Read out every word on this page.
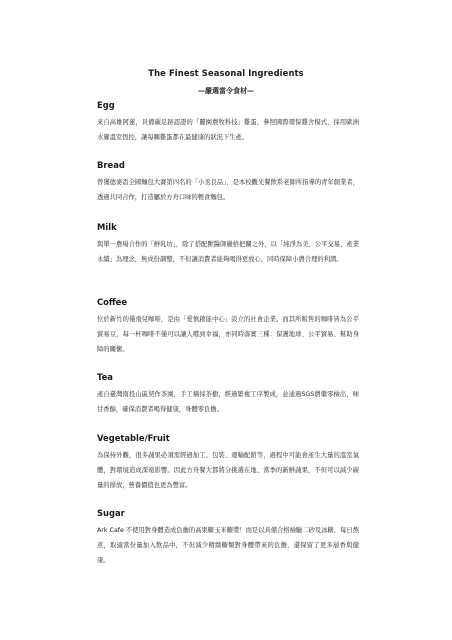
The Finest Seasonal Ingredients
—嚴選當令食材—
Egg

來自高雄阿蓮，具備碳足跡認證的「麗園農牧科技」雞蛋，參照國際環保雞舍模式，採用歐洲水簾溫室恆控，讓每顆雞蛋都在最健康的狀況下生產。

Bread

曾獲德麥盃全國麵包大賽第四名的「小丞良品」，是本校觀光餐飲系老師所指導的青年創業者，透過共同合作，打造屬於方舟口味的輕食麵包。

Milk

與單一農場合作的「鮮乳坊」，除了搭配獸醫師嚴格把關之外，以「純淨為美、公平交易、產業永續」為理念，無成份調整，不但讓消費者能夠喝得更放心，同時保障小農合理的利潤。

Coffee

位於新竹的僅飛兒咖啡，是由「愛慎啟能中心」設立的社會企業。而其所販售的咖啡皆為公平貿易豆，每一杯咖啡不僅可以讓人嚐到幸福，亦同時落實三種：保護地球、公平貿易、幫助身障的關懷。

Tea

產自臺灣南投山區契作茶園，手工摘採茶樹，經過繁複工序製成，並通過SGS農藥零檢出，味甘香醇，確保消費者喝得健康，身體零負擔。

Vegetable/Fruit

為保持外觀，很多蔬果必須需經過加工、包裝、運輸配銷等，過程中可能會產生大量的溫室氣體，對環境造成深遠影響。因此方舟餐大都將分挑選在地、當季的新鮮蔬果，不但可以減少碳量的排放，營養價值也更為豐富。

Sugar

Ark Cafe 不使用對身體造成負擔的高果糖玉米糖漿！而是以具備合格檢驗二砂及冰糖，每日熬煮，取適當份量加入飲品中，不但減少精緻糖類對身體帶來的負擔，還保留了更多層香與健康。
